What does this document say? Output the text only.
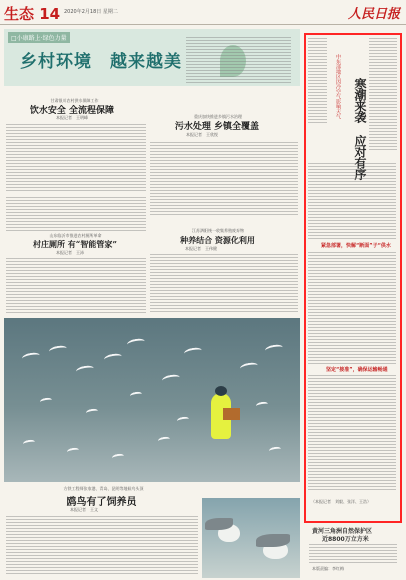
生态 14 2020年2月18日 星期二	人民日报
□小康路上·绿色力量
乡村环境　越来越美
甘肃银川农村供水保障工作
饮水安全 全流程保障
本报记者　王明峰	重庆加快推进乡镇污水治理
污水处理 乡镇全覆盖
本报记者　王欣悦
山东临沂市推进农村厕所革命
村庄厕所 有“智能管家”
本报记者　王沛
江苏泗阳统一收集养殖废弃物
种养结合 资源化利用
本报记者　王伟健
方铁工程师张家港、青岛、昆明等地候鸟头顶
鸥鸟有了饲养员
本报记者　王文
中东部地区因冷空气影响天气	寒潮来袭 应对有序
紧急部署，快解“断面”子“供水
坚定“接准”，确保运输畅通
（本报记者　刘毅、张洋、王浩）
黄河三角洲自然保护区
近8800万立方米
本版责编：李红梅
